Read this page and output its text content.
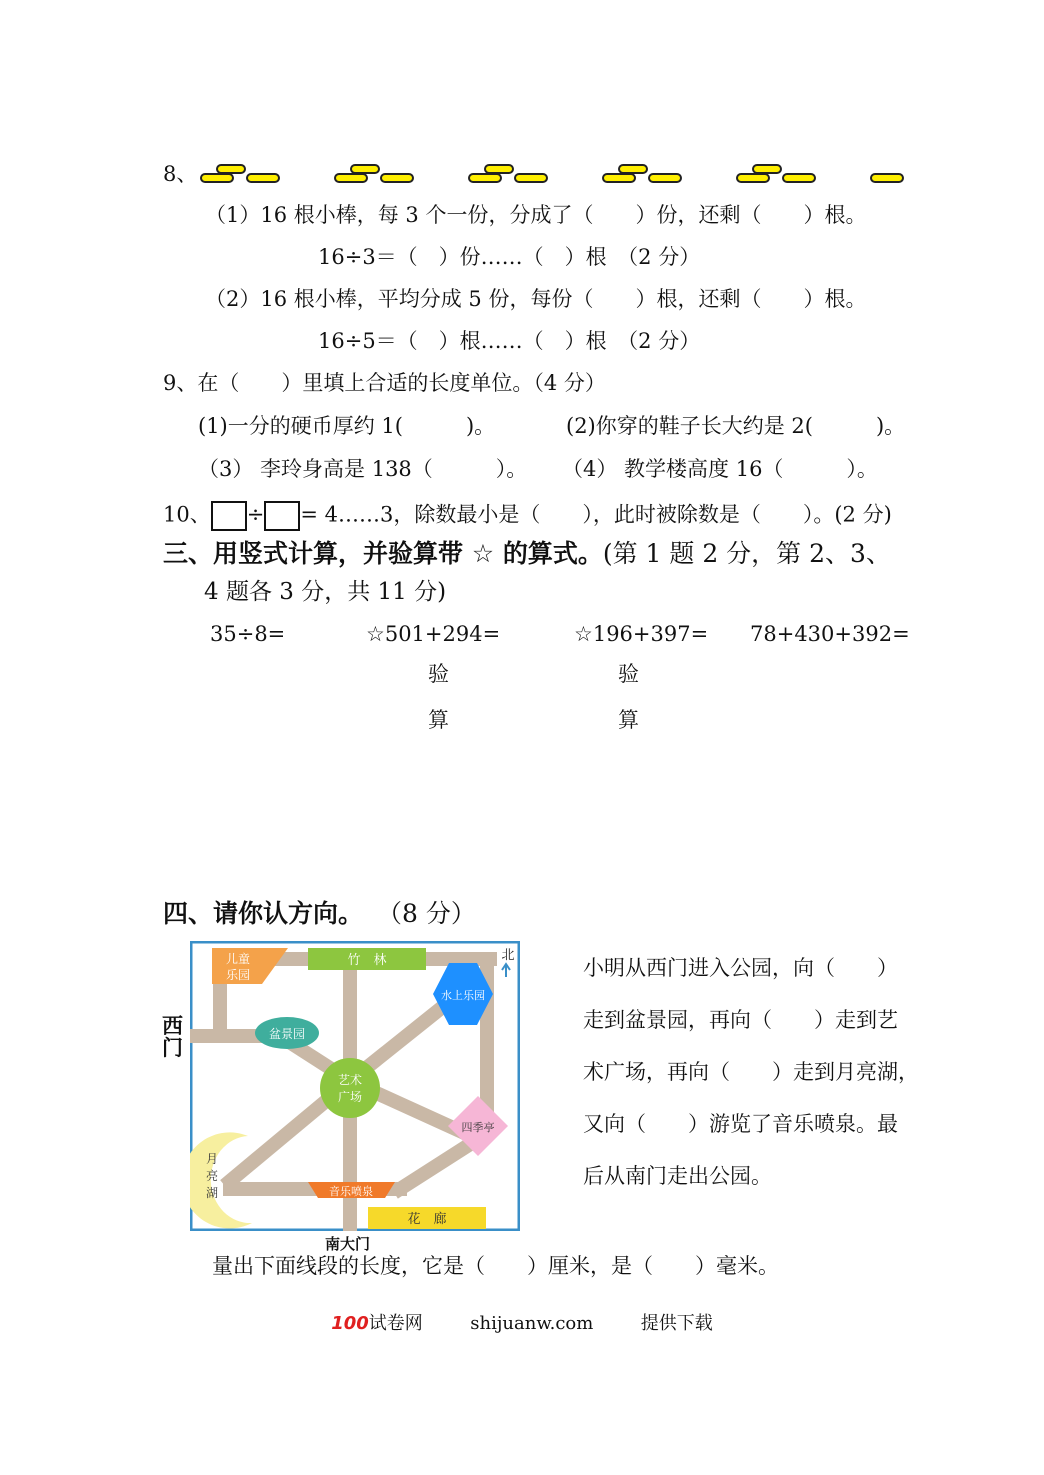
8、
（1）16 根小棒，每 3 个一份，分成了（　　）份，还剩（　　）根。
16÷3＝（　）份……（　）根　（2 分）
（2）16 根小棒，平均分成 5 份，每份（　　）根，还剩（　　）根。
16÷5＝（　）根……（　）根　（2 分）
9、在（　　）里填上合适的长度单位。（4 分）
(1)一分的硬币厚约 1(　　　)。	(2)你穿的鞋子长大约是 2(　　　)。
（3） 李玲身高是 138（　　　）。 （4） 教学楼高度 16（　　　）。
10、 ÷ = 4……3，除数最小是（　　），此时被除数是（　　）。(2 分)
三、用竖式计算，并验算带 ☆ 的算式。(第 1 题 2 分，第 2、3、
4 题各 3 分，共 11 分)
35÷8=	☆501+294=	☆196+397= 78+430+392=
验	验
算	算
四、请你认方向。 （8 分）
西
门
儿童
乐园
竹　林	北
水上乐园
盆景园
艺术
广场
四季亭
月
亮
湖	音乐喷泉
花　廊
南大门
小明从西门进入公园，向（　　）
走到盆景园，再向（　　）走到艺
术广场，再向（　　）走到月亮湖，
又向（　　）游览了音乐喷泉。最
后从南门走出公园。
量出下面线段的长度，它是（　　）厘米，是（　　）毫米。
100试卷网	shijuanw.com	提供下载
